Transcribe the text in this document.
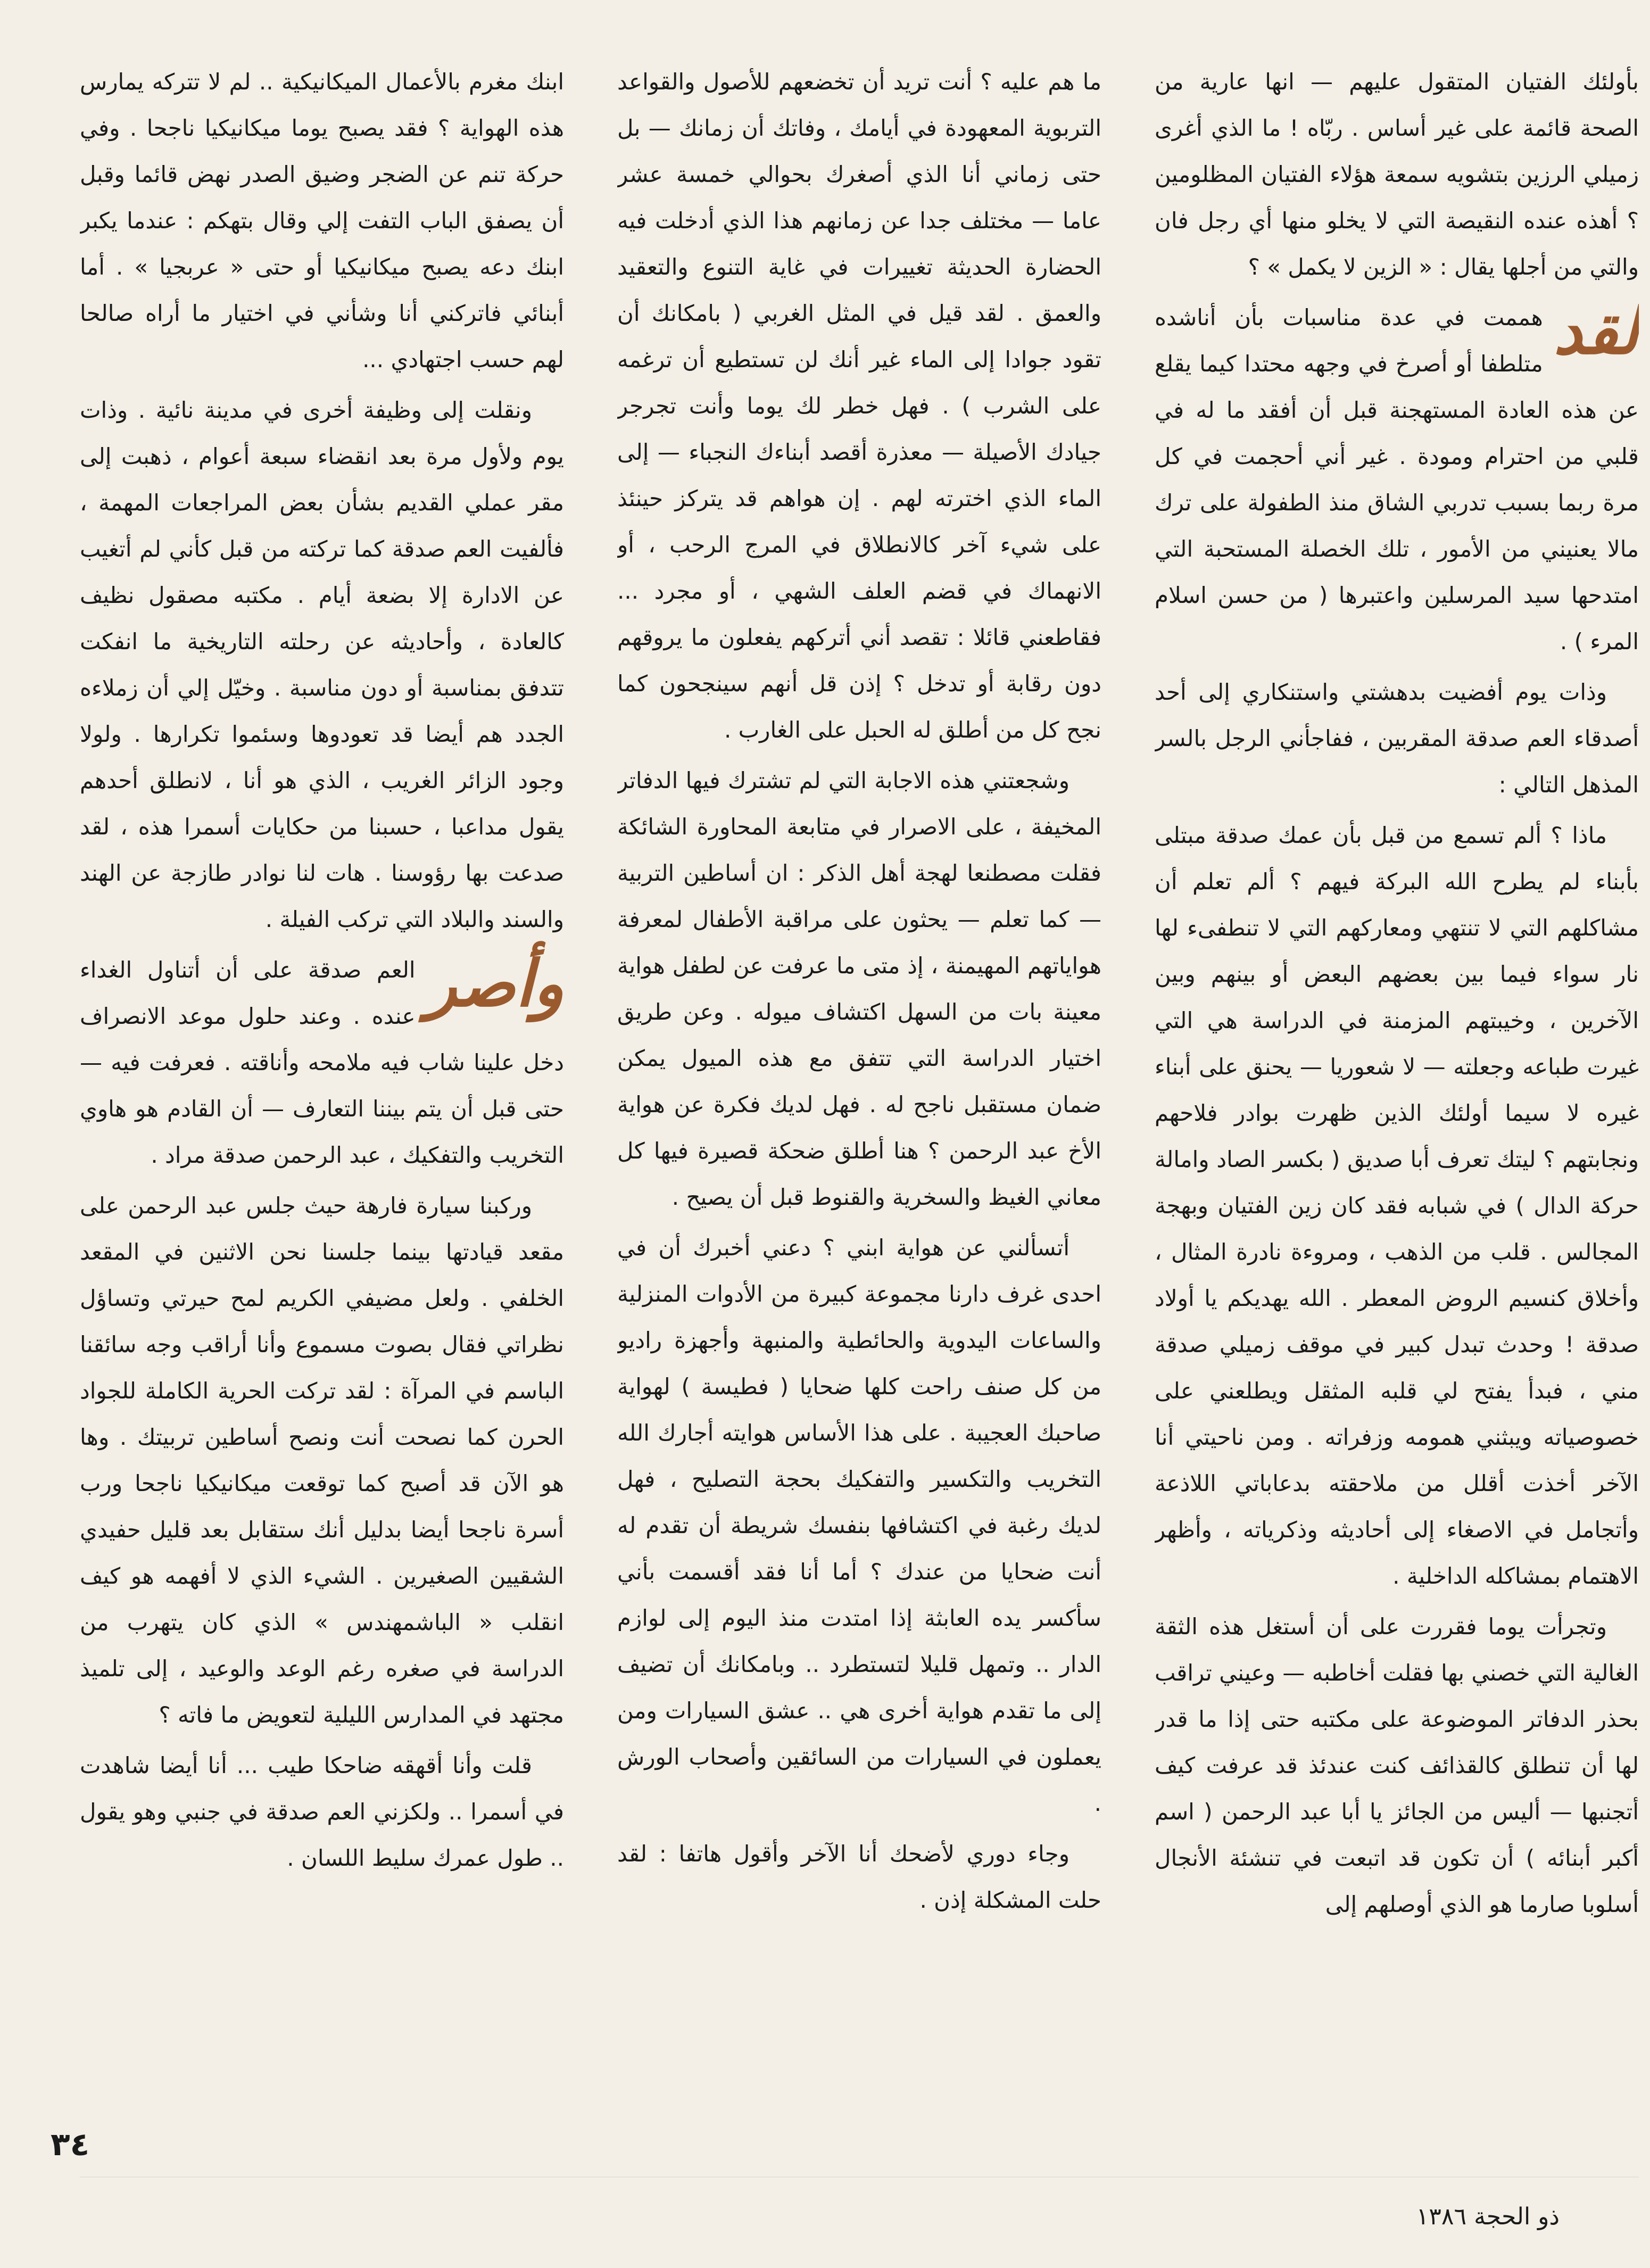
بأولئك الفتيان المتقول عليهم — انها عارية من الصحة قائمة على غير أساس . ربّاه ! ما الذي أغرى زميلي الرزين بتشويه سمعة هؤلاء الفتيان المظلومين ؟ أهذه عنده النقيصة التي لا يخلو منها أي رجل فان والتي من أجلها يقال : « الزين لا يكمل » ؟

لقد

هممت في عدة مناسبات بأن أناشده متلطفا أو أصرخ في وجهه محتدا كيما يقلع عن هذه العادة المستهجنة قبل أن أفقد ما له في قلبي من احترام ومودة . غير أني أحجمت في كل مرة ربما بسبب تدربي الشاق منذ الطفولة على ترك مالا يعنيني من الأمور ، تلك الخصلة المستحبة التي امتدحها سيد المرسلين واعتبرها ( من حسن اسلام المرء ) .

وذات يوم أفضيت بدهشتي واستنكاري إلى أحد أصدقاء العم صدقة المقربين ، ففاجأني الرجل بالسر المذهل التالي :

ماذا ؟ ألم تسمع من قبل بأن عمك صدقة مبتلى بأبناء لم يطرح الله البركة فيهم ؟ ألم تعلم أن مشاكلهم التي لا تنتهي ومعاركهم التي لا تنطفىء لها نار سواء فيما بين بعضهم البعض أو بينهم وبين الآخرين ، وخيبتهم المزمنة في الدراسة هي التي غيرت طباعه وجعلته — لا شعوريا — يحنق على أبناء غيره لا سيما أولئك الذين ظهرت بوادر فلاحهم ونجابتهم ؟ ليتك تعرف أبا صديق ( بكسر الصاد وامالة حركة الدال ) في شبابه فقد كان زين الفتيان وبهجة المجالس . قلب من الذهب ، ومروءة نادرة المثال ، وأخلاق كنسيم الروض المعطر . الله يهديكم يا أولاد صدقة ! وحدث تبدل كبير في موقف زميلي صدقة مني ، فبدأ يفتح لي قلبه المثقل ويطلعني على خصوصياته ويبثني همومه وزفراته . ومن ناحيتي أنا الآخر أخذت أقلل من ملاحقته بدعاباتي اللاذعة وأتجامل في الاصغاء إلى أحاديثه وذكرياته ، وأظهر الاهتمام بمشاكله الداخلية .

وتجرأت يوما فقررت على أن أستغل هذه الثقة الغالية التي خصني بها فقلت أخاطبه — وعيني تراقب بحذر الدفاتر الموضوعة على مكتبه حتى إذا ما قدر لها أن تنطلق كالقذائف كنت عندئذ قد عرفت كيف أتجنبها — أليس من الجائز يا أبا عبد الرحمن ( اسم أكبر أبنائه ) أن تكون قد اتبعت في تنشئة الأنجال أسلوبا صارما هو الذي أوصلهم إلى

ما هم عليه ؟ أنت تريد أن تخضعهم للأصول والقواعد التربوية المعهودة في أيامك ، وفاتك أن زمانك — بل حتى زماني أنا الذي أصغرك بحوالي خمسة عشر عاما — مختلف جدا عن زمانهم هذا الذي أدخلت فيه الحضارة الحديثة تغييرات في غاية التنوع والتعقيد والعمق . لقد قيل في المثل الغربي ( بامكانك أن تقود جوادا إلى الماء غير أنك لن تستطيع أن ترغمه على الشرب ) . فهل خطر لك يوما وأنت تجرجر جيادك الأصيلة — معذرة أقصد أبناءك النجباء — إلى الماء الذي اخترته لهم . إن هواهم قد يتركز حينئذ على شيء آخر كالانطلاق في المرج الرحب ، أو الانهماك في قضم العلف الشهي ، أو مجرد ... فقاطعني قائلا : تقصد أني أتركهم يفعلون ما يروقهم دون رقابة أو تدخل ؟ إذن قل أنهم سينجحون كما نجح كل من أطلق له الحبل على الغارب .

وشجعتني هذه الاجابة التي لم تشترك فيها الدفاتر المخيفة ، على الاصرار في متابعة المحاورة الشائكة فقلت مصطنعا لهجة أهل الذكر : ان أساطين التربية — كما تعلم — يحثون على مراقبة الأطفال لمعرفة هواياتهم المهيمنة ، إذ متى ما عرفت عن لطفل هواية معينة بات من السهل اكتشاف ميوله . وعن طريق اختيار الدراسة التي تتفق مع هذه الميول يمكن ضمان مستقبل ناجح له . فهل لديك فكرة عن هواية الأخ عبد الرحمن ؟ هنا أطلق ضحكة قصيرة فيها كل معاني الغيظ والسخرية والقنوط قبل أن يصيح .

أتسألني عن هواية ابني ؟ دعني أخبرك أن في احدى غرف دارنا مجموعة كبيرة من الأدوات المنزلية والساعات اليدوية والحائطية والمنبهة وأجهزة راديو من كل صنف راحت كلها ضحايا ( فطيسة ) لهواية صاحبك العجيبة . على هذا الأساس هوايته أجارك الله التخريب والتكسير والتفكيك بحجة التصليح ، فهل لديك رغبة في اكتشافها بنفسك شريطة أن تقدم له أنت ضحايا من عندك ؟ أما أنا فقد أقسمت بأني سأكسر يده العابثة إذا امتدت منذ اليوم إلى لوازم الدار .. وتمهل قليلا لتستطرد .. وبامكانك أن تضيف إلى ما تقدم هواية أخرى هي .. عشق السيارات ومن يعملون في السيارات من السائقين وأصحاب الورش .

وجاء دوري لأضحك أنا الآخر وأقول هاتفا : لقد حلت المشكلة إذن .

ابنك مغرم بالأعمال الميكانيكية .. لم لا تتركه يمارس هذه الهواية ؟ فقد يصبح يوما ميكانيكيا ناجحا . وفي حركة تنم عن الضجر وضيق الصدر نهض قائما وقبل أن يصفق الباب التفت إلي وقال بتهكم : عندما يكبر ابنك دعه يصبح ميكانيكيا أو حتى « عربجيا » . أما أبنائي فاتركني أنا وشأني في اختيار ما أراه صالحا لهم حسب اجتهادي ...

ونقلت إلى وظيفة أخرى في مدينة نائية . وذات يوم ولأول مرة بعد انقضاء سبعة أعوام ، ذهبت إلى مقر عملي القديم بشأن بعض المراجعات المهمة ، فألفيت العم صدقة كما تركته من قبل كأني لم أتغيب عن الادارة إلا بضعة أيام . مكتبه مصقول نظيف كالعادة ، وأحاديثه عن رحلته التاريخية ما انفكت تتدفق بمناسبة أو دون مناسبة . وخيّل إلي أن زملاءه الجدد هم أيضا قد تعودوها وسئموا تكرارها . ولولا وجود الزائر الغريب ، الذي هو أنا ، لانطلق أحدهم يقول مداعبا ، حسبنا من حكايات أسمرا هذه ، لقد صدعت بها رؤوسنا . هات لنا نوادر طازجة عن الهند والسند والبلاد التي تركب الفيلة .

وأصر

العم صدقة على أن أتناول الغداء عنده . وعند حلول موعد الانصراف دخل علينا شاب فيه ملامحه وأناقته . فعرفت فيه — حتى قبل أن يتم بيننا التعارف — أن القادم هو هاوي التخريب والتفكيك ، عبد الرحمن صدقة مراد .

وركبنا سيارة فارهة حيث جلس عبد الرحمن على مقعد قيادتها بينما جلسنا نحن الاثنين في المقعد الخلفي . ولعل مضيفي الكريم لمح حيرتي وتساؤل نظراتي فقال بصوت مسموع وأنا أراقب وجه سائقنا الباسم في المرآة : لقد تركت الحرية الكاملة للجواد الحرن كما نصحت أنت ونصح أساطين تربيتك . وها هو الآن قد أصبح كما توقعت ميكانيكيا ناجحا ورب أسرة ناجحا أيضا بدليل أنك ستقابل بعد قليل حفيدي الشقيين الصغيرين . الشيء الذي لا أفهمه هو كيف انقلب « الباشمهندس » الذي كان يتهرب من الدراسة في صغره رغم الوعد والوعيد ، إلى تلميذ مجتهد في المدارس الليلية لتعويض ما فاته ؟

قلت وأنا أقهقه ضاحكا طيب ... أنا أيضا شاهدت في أسمرا .. ولكزني العم صدقة في جنبي وهو يقول .. طول عمرك سليط اللسان .

٣٤
ذو الحجة ١٣٨٦
